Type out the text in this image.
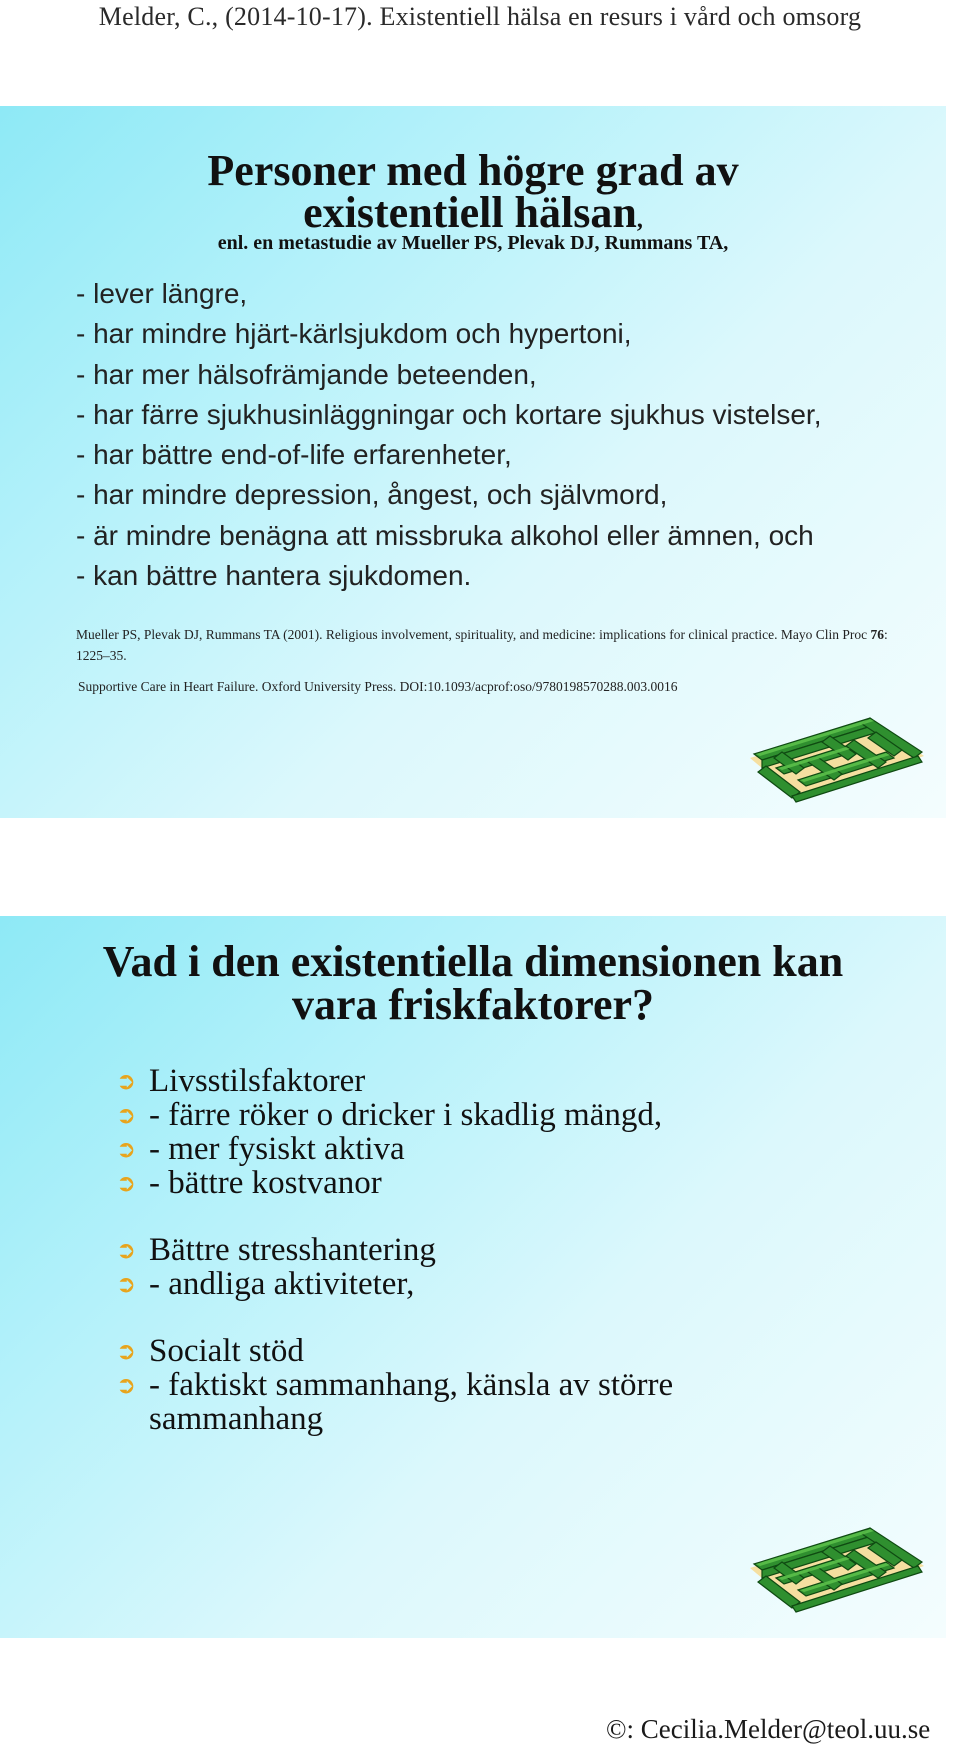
Melder, C., (2014-10-17). Existentiell hälsa en resurs i vård och omsorg
Personer med högre grad av
existentiell hälsan,
enl. en metastudie av Mueller PS, Plevak DJ, Rummans TA,
- lever längre,
- har mindre hjärt-kärlsjukdom och hypertoni,
- har mer hälsofrämjande beteenden,
- har färre sjukhusinläggningar och kortare sjukhus vistelser,
- har bättre end-of-life erfarenheter,
- har mindre depression, ångest, och självmord,
- är mindre benägna att missbruka alkohol eller ämnen, och
- kan bättre hantera sjukdomen.
Mueller PS, Plevak DJ, Rummans TA (2001). Religious involvement, spirituality, and medicine: implications for clinical practice. Mayo Clin Proc 76: 1225–35.
Supportive Care in Heart Failure. Oxford University Press. DOI:10.1093/acprof:oso/9780198570288.003.0016
Vad i den existentiella dimensionen kan
vara friskfaktorer?
➲ Livsstilsfaktorer
➲ - färre röker o dricker i skadlig mängd,
➲ - mer fysiskt aktiva
➲ - bättre kostvanor
➲ Bättre stresshantering
➲ - andliga aktiviteter,
➲ Socialt stöd
➲ - faktiskt sammanhang, känsla av större sammanhang
©: Cecilia.Melder@teol.uu.se
